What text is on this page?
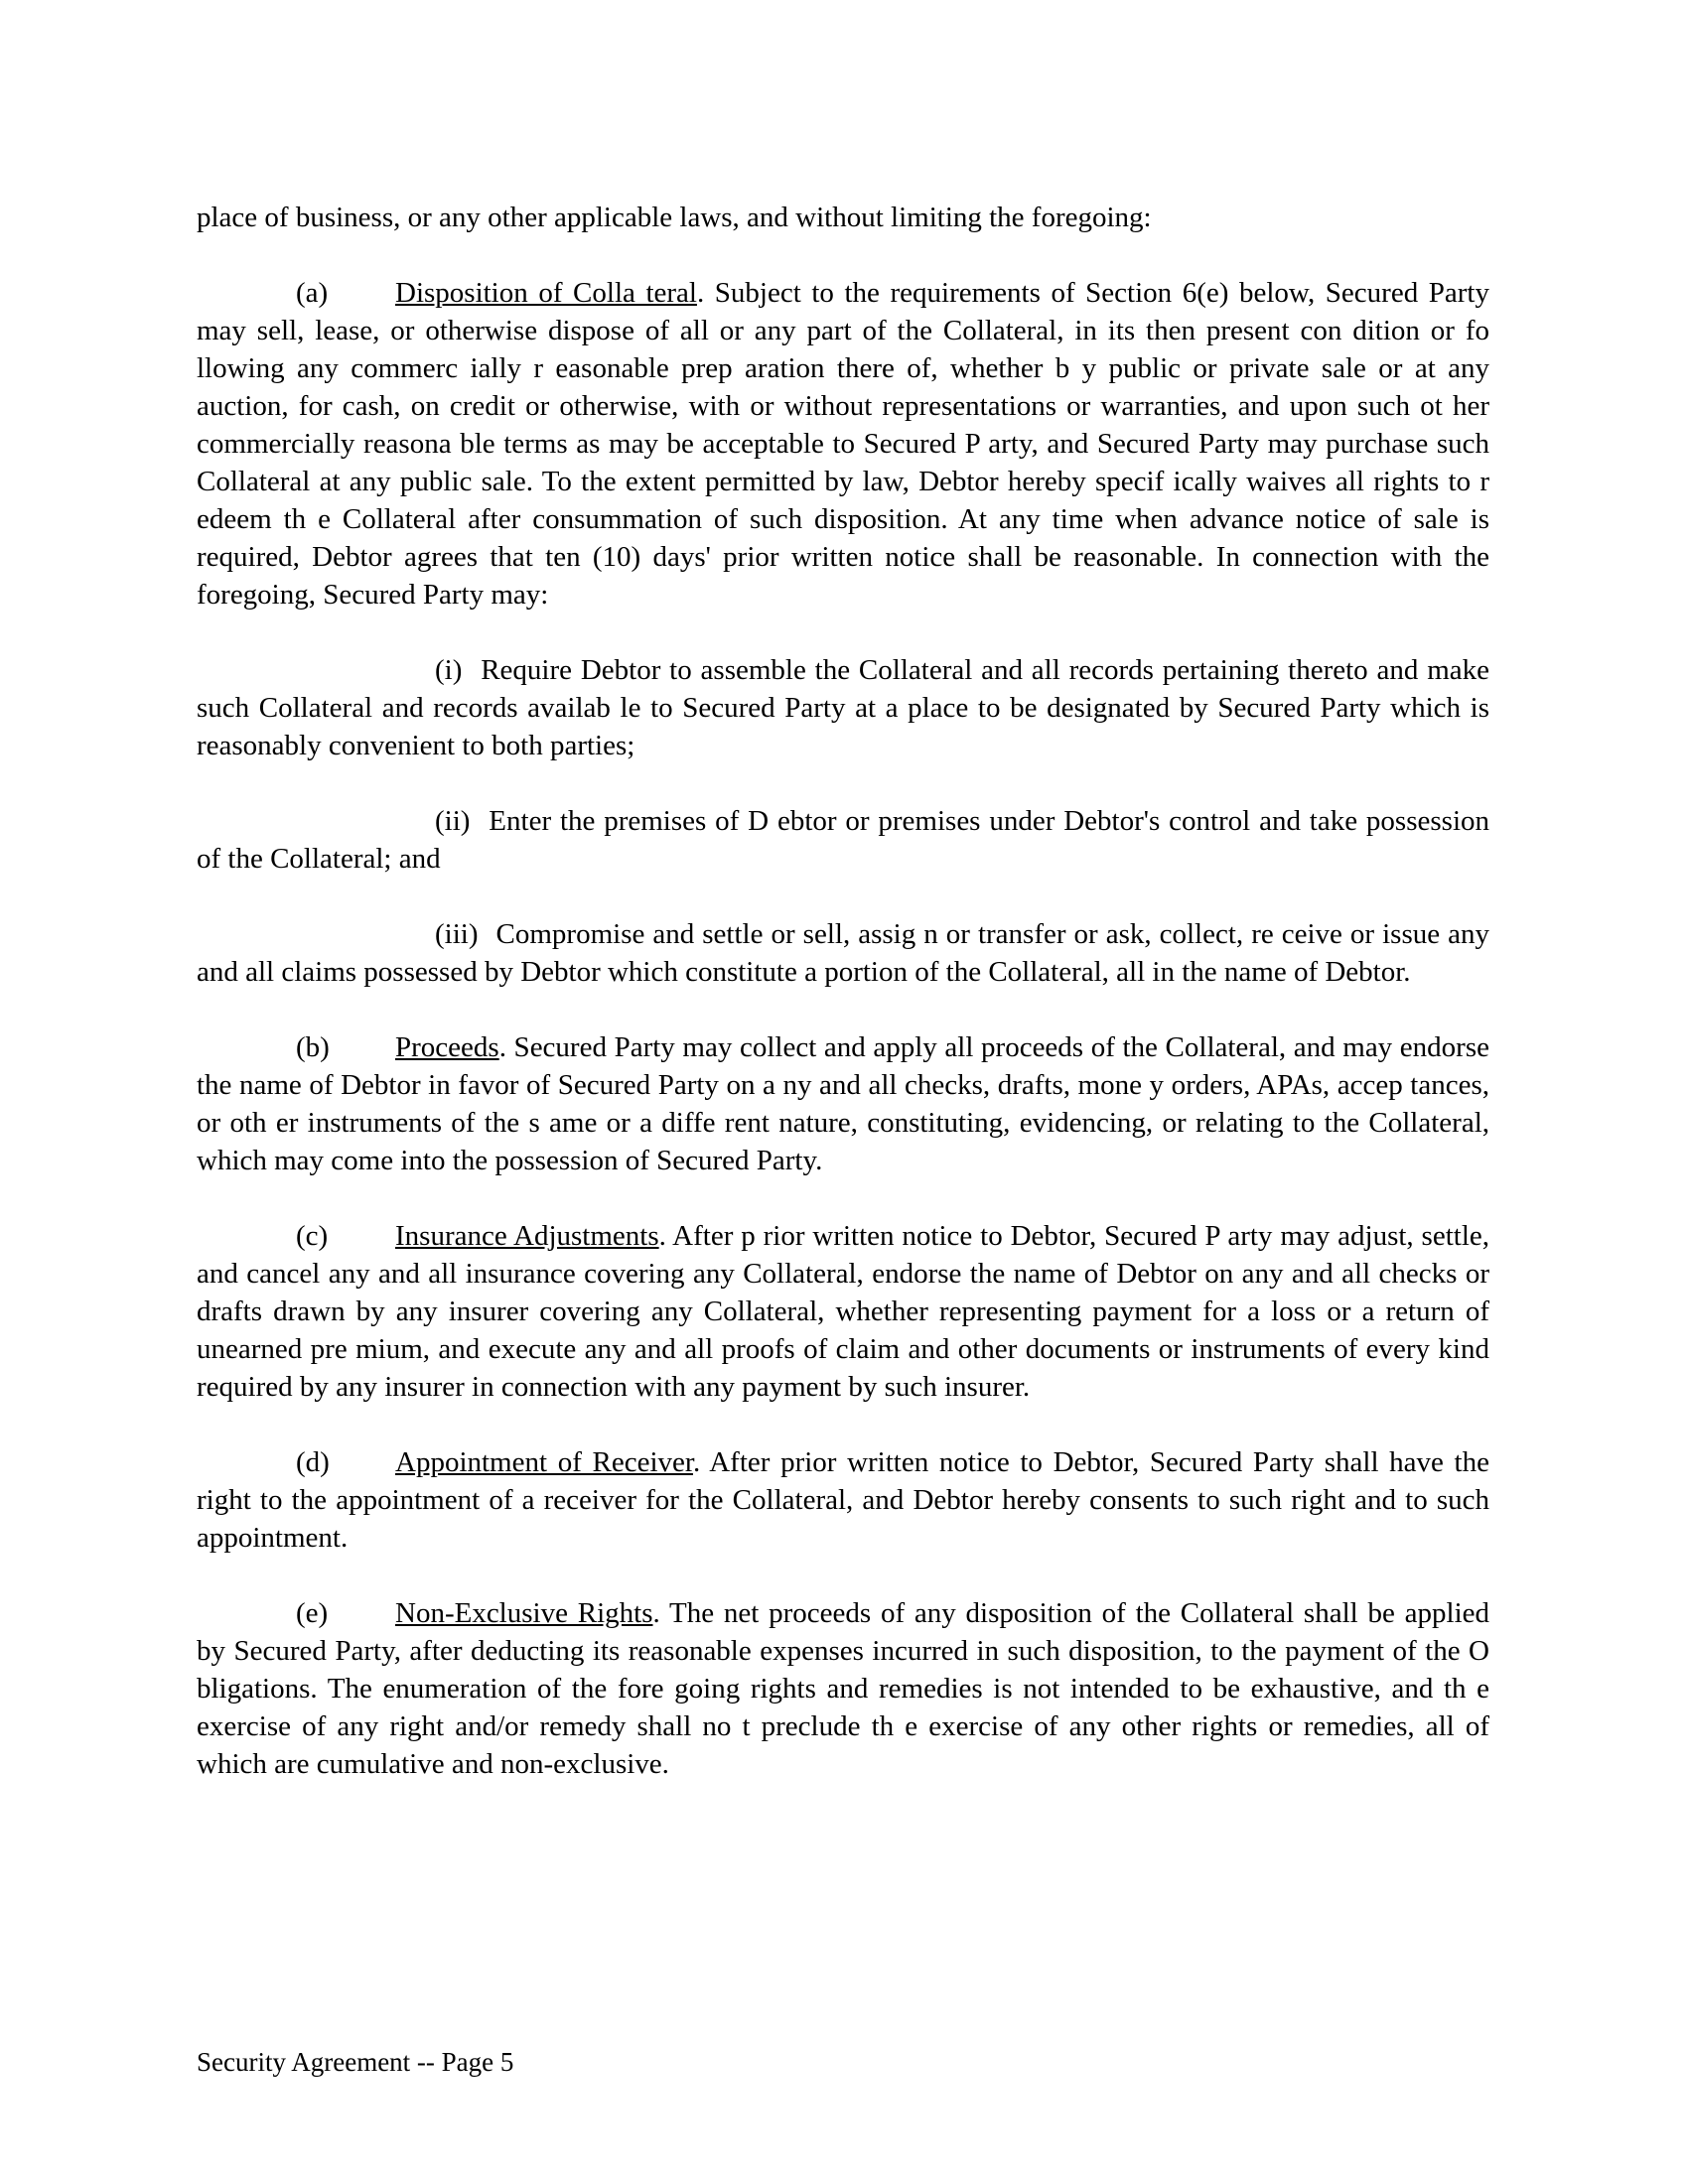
place of business, or any other applicable laws, and without limiting the foregoing:

(a) Disposition of Colla teral. Subject to the requirements of Section 6(e) below, Secured Party may sell, lease, or otherwise dispose of all or any part of the Collateral, in its then present con dition or fo llowing any commerc ially r easonable prep aration there of, whether b y public or private sale or at any auction, for cash, on credit or otherwise, with or without representations or warranties, and upon such ot her commercially reasona ble terms as may be acceptable to Secured P arty, and Secured Party may purchase such Collateral at any public sale. To the extent permitted by law, Debtor hereby specif ically waives all rights to r edeem th e Collateral after consummation of such disposition. At any time when advance notice of sale is required, Debtor agrees that ten (10) days' prior written notice shall be reasonable. In connection with the foregoing, Secured Party may:

(i) Require Debtor to assemble the Collateral and all records pertaining thereto and make such Collateral and records availab le to Secured Party at a place to be designated by Secured Party which is reasonably convenient to both parties;

(ii) Enter the premises of D ebtor or premises under Debtor's control and take possession of the Collateral; and

(iii) Compromise and settle or sell, assig n or transfer or ask, collect, re ceive or issue any and all claims possessed by Debtor which constitute a portion of the Collateral, all in the name of Debtor.

(b) Proceeds. Secured Party may collect and apply all proceeds of the Collateral, and may endorse the name of Debtor in favor of Secured Party on a ny and all checks, drafts, mone y orders, APAs, accep tances, or oth er instruments of the s ame or a diffe rent nature, constituting, evidencing, or relating to the Collateral, which may come into the possession of Secured Party.

(c) Insurance Adjustments. After p rior written notice to Debtor, Secured P arty may adjust, settle, and cancel any and all insurance covering any Collateral, endorse the name of Debtor on any and all checks or drafts drawn by any insurer covering any Collateral, whether representing payment for a loss or a return of unearned pre mium, and execute any and all proofs of claim and other documents or instruments of every kind required by any insurer in connection with any payment by such insurer.

(d) Appointment of Receiver. After prior written notice to Debtor, Secured Party shall have the right to the appointment of a receiver for the Collateral, and Debtor hereby consents to such right and to such appointment.

(e) Non-Exclusive Rights. The net proceeds of any disposition of the Collateral shall be applied by Secured Party, after deducting its reasonable expenses incurred in such disposition, to the payment of the O bligations. The enumeration of the fore going rights and remedies is not intended to be exhaustive, and th e exercise of any right and/or remedy shall no t preclude th e exercise of any other rights or remedies, all of which are cumulative and non-exclusive.

Security Agreement -- Page 5
